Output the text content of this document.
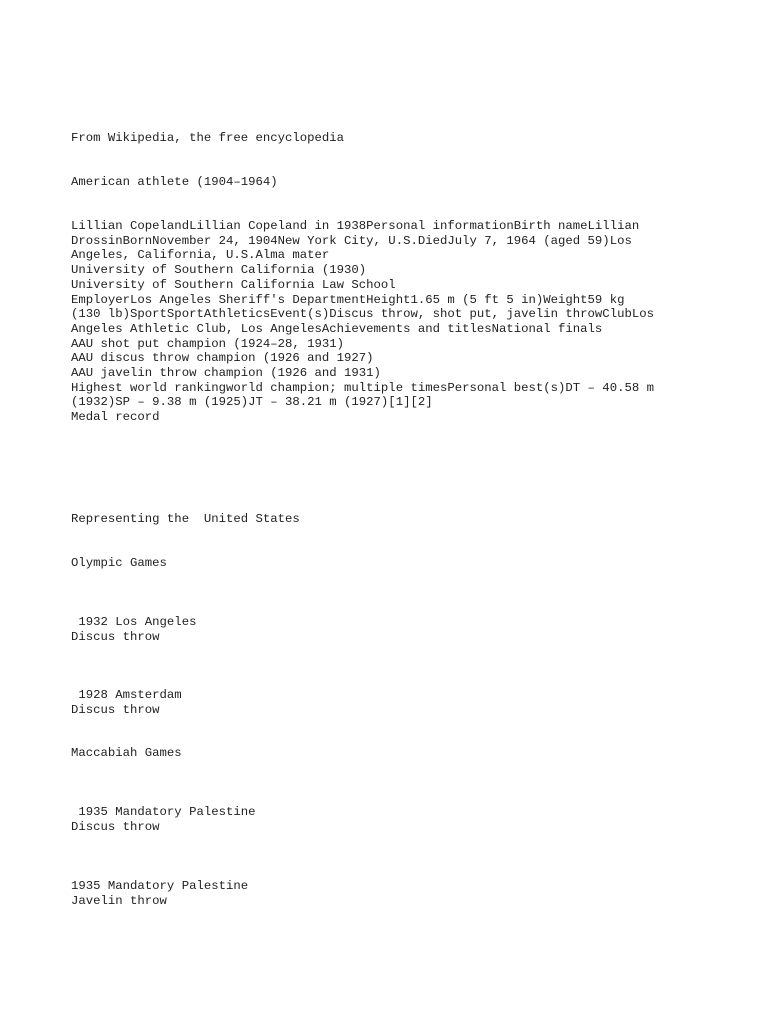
From Wikipedia, the free encyclopedia

American athlete (1904–1964)

Lillian CopelandLillian Copeland in 1938Personal informationBirth nameLillian
DrossinBornNovember 24, 1904New York City, U.S.DiedJuly 7, 1964 (aged 59)Los
Angeles, California, U.S.Alma mater
University of Southern California (1930)
University of Southern California Law School
EmployerLos Angeles Sheriff's DepartmentHeight1.65 m (5 ft 5 in)Weight59 kg
(130 lb)SportSportAthleticsEvent(s)Discus throw, shot put, javelin throwClubLos
Angeles Athletic Club, Los AngelesAchievements and titlesNational finals
AAU shot put champion (1924–28, 1931)
AAU discus throw champion (1926 and 1927)
AAU javelin throw champion (1926 and 1931)
Highest world rankingworld champion; multiple timesPersonal best(s)DT – 40.58 m
(1932)SP – 9.38 m (1925)JT – 38.21 m (1927)[1][2]
Medal record

Representing the  United States

Olympic Games

1932 Los Angeles
Discus throw
1928 Amsterdam
Discus throw

Maccabiah Games

1935 Mandatory Palestine
Discus throw
1935 Mandatory Palestine
Javelin throw
